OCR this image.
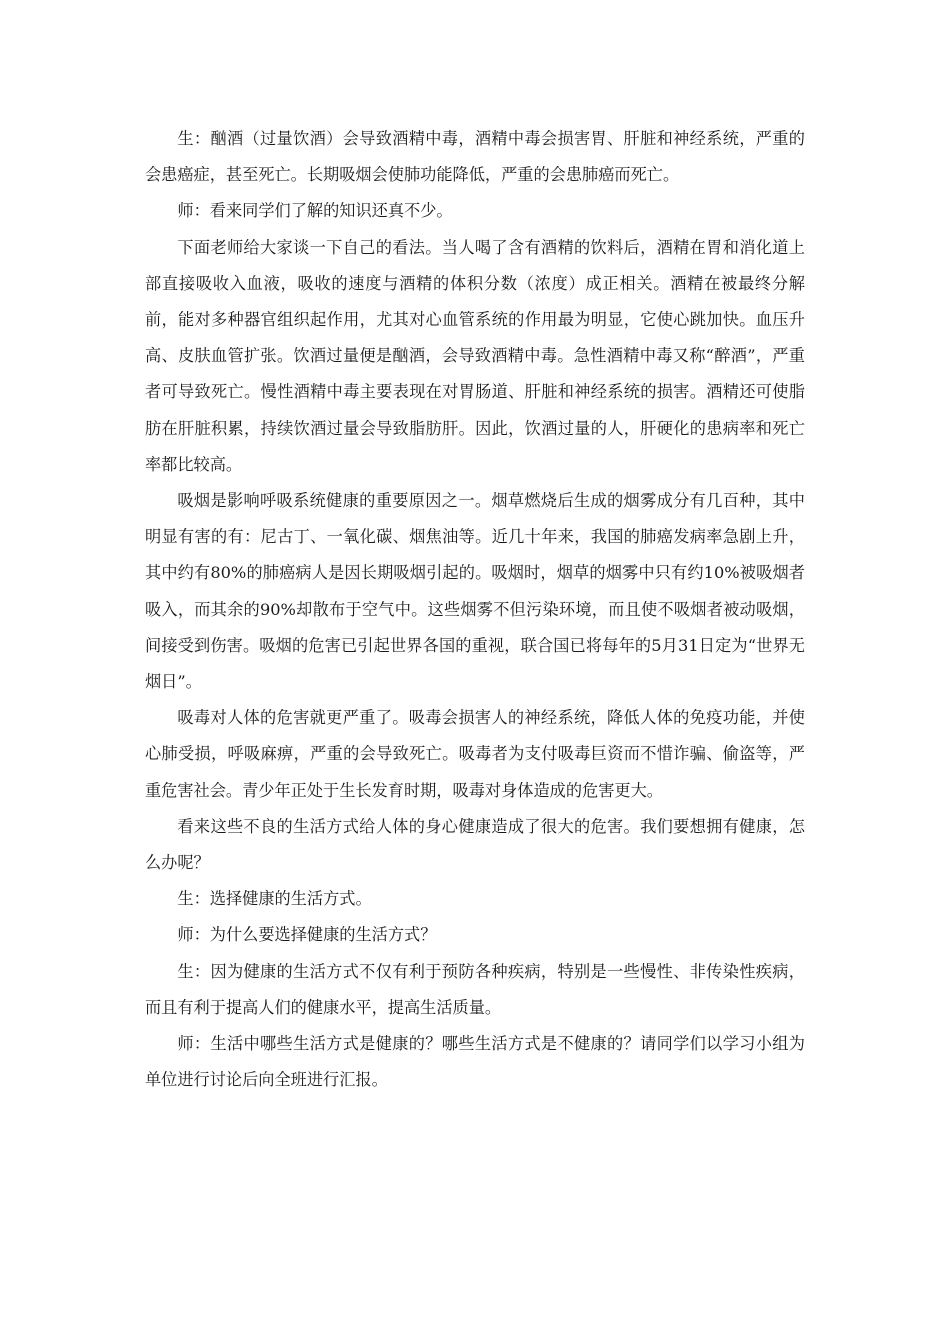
生：酗酒（过量饮酒）会导致酒精中毒，酒精中毒会损害胃、肝脏和神经系统，严重的会患癌症，甚至死亡。长期吸烟会使肺功能降低，严重的会患肺癌而死亡。

师：看来同学们了解的知识还真不少。

下面老师给大家谈一下自己的看法。当人喝了含有酒精的饮料后，酒精在胃和消化道上部直接吸收入血液，吸收的速度与酒精的体积分数（浓度）成正相关。酒精在被最终分解前，能对多种器官组织起作用，尤其对心血管系统的作用最为明显，它使心跳加快。血压升高、皮肤血管扩张。饮酒过量便是酗酒，会导致酒精中毒。急性酒精中毒又称“醉酒”，严重者可导致死亡。慢性酒精中毒主要表现在对胃肠道、肝脏和神经系统的损害。酒精还可使脂肪在肝脏积累，持续饮酒过量会导致脂肪肝。因此，饮酒过量的人，肝硬化的患病率和死亡率都比较高。

吸烟是影响呼吸系统健康的重要原因之一。烟草燃烧后生成的烟雾成分有几百种，其中明显有害的有：尼古丁、一氧化碳、烟焦油等。近几十年来，我国的肺癌发病率急剧上升，其中约有80%的肺癌病人是因长期吸烟引起的。吸烟时，烟草的烟雾中只有约10%被吸烟者吸入，而其余的90%却散布于空气中。这些烟雾不但污染环境，而且使不吸烟者被动吸烟，间接受到伤害。吸烟的危害已引起世界各国的重视，联合国已将每年的5月31日定为“世界无烟日”。

吸毒对人体的危害就更严重了。吸毒会损害人的神经系统，降低人体的免疫功能，并使心肺受损，呼吸麻痹，严重的会导致死亡。吸毒者为支付吸毒巨资而不惜诈骗、偷盗等，严重危害社会。青少年正处于生长发育时期，吸毒对身体造成的危害更大。

看来这些不良的生活方式给人体的身心健康造成了很大的危害。我们要想拥有健康，怎么办呢？

生：选择健康的生活方式。

师：为什么要选择健康的生活方式？

生：因为健康的生活方式不仅有利于预防各种疾病，特别是一些慢性、非传染性疾病，而且有利于提高人们的健康水平，提高生活质量。

师：生活中哪些生活方式是健康的？哪些生活方式是不健康的？请同学们以学习小组为单位进行讨论后向全班进行汇报。
